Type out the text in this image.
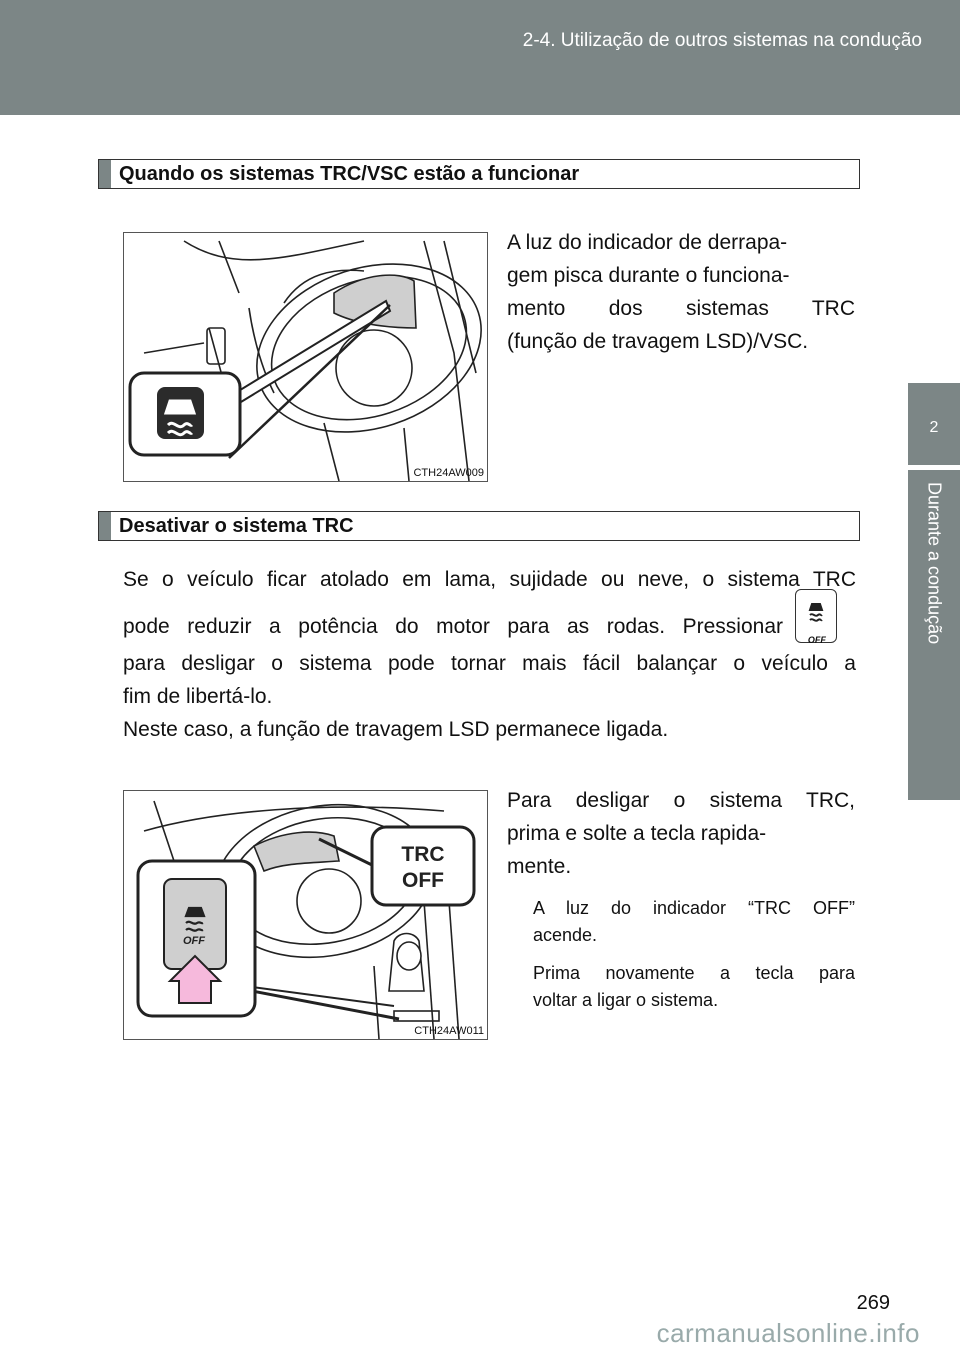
2-4. Utilização de outros sistemas na condução
2
Durante a condução
Quando os sistemas TRC/VSC estão a funcionar
CTH24AW009
A luz do indicador de derrapa-
gem pisca durante o funciona-
mento dos sistemas TRC
(função de travagem LSD)/VSC.
Desativar o sistema TRC
Se o veículo ficar atolado em lama, sujidade ou neve, o sistema TRC
pode reduzir a potência do motor para as rodas. Pressionar
OFF
para desligar o sistema pode tornar mais fácil balançar o veículo a
fim de libertá-lo.
Neste caso, a função de travagem LSD permanece ligada.
TRC
OFF
OFF
CTH24AW011
Para desligar o sistema TRC,
prima e solte a tecla rapida-
mente.
A luz do indicador “TRC OFF”
acende.
Prima novamente a tecla para
voltar a ligar o sistema.
269
carmanualsonline.info
